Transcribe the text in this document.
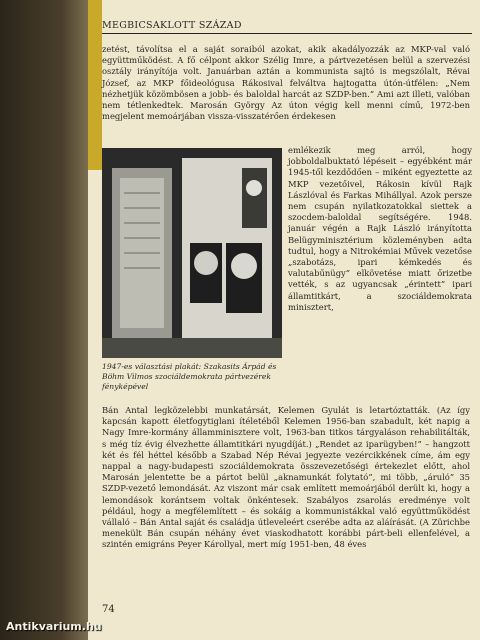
MEGBICSAKLOTT SZÁZAD
zetést, távolítsa el a saját soraiból azokat, akik akadályozzák az MKP-val való együttműködést. A fő célpont akkor Szélig Imre, a pártvezetésen belül a szervezési osztály irányítója volt. Januárban aztán a kommunista sajtó is megszólalt, Révai József, az MKP főideológusa Rákosival felváltva hajtogatta útón-útfélen: „Nem nézhetjük közömbösen a jobb- és baloldal harcát az SZDP-ben.” Ami azt illeti, valóban nem tétlenkedtek. Marosán György Az úton végig kell menni című, 1972-ben megjelent memoárjában vissza-visszatérően érdekesen
1947-es választási plakát: Szakasits Árpád és Böhm Vilmos szociáldemokrata pártvezérek fényképével
emlékezik meg arról, hogy jobboldalbuktató lépéseit – egyébként már 1945-től kezdődően – miként egyeztette az MKP vezetőivel, Rákosin kívül Rajk Lászlóval és Farkas Mihállyal. Azok persze nem csupán nyilatkozatokkal siettek a szocdem-baloldal segítségére. 1948. január végén a Rajk László irányította Belügyminisztérium közleményben adta tudtul, hogy a Nitrokémiai Művek vezetőse „szabotázs, ipari kémkedés és valutabűnügy” elkövetése miatt őrizetbe vették, s az ugyancsak „érintett” ipari államtitkárt, a szociáldemokrata minisztert,
Bán Antal legközelebbi munkatársát, Kelemen Gyulát is letartóztatták. (Az így kapcsán kapott életfogytiglani ítéletéből Kelemen 1956-ban szabadult, két napig a Nagy Imre-kormány államminisztere volt, 1963-ban titkos tárgyaláson rehabilitálták, s még tíz évig élvezhette államtitkári nyugdíját.) „Rendet az iparügyben!” – hangzott két és fél héttel később a Szabad Nép Révai jegyezte vezércikkének címe, ám egy nappal a nagy-budapesti szociáldemokrata összevezetőségi értekezlet előtt, ahol Marosán jelentette be a pártot belül „aknamunkát folytató”, mi több, „áruló” 35 SZDP-vezető lemondását. Az viszont már csak említett memoárjából derült ki, hogy a lemondások korántsem voltak önkéntesek. Szabályos zsarolás eredménye volt például, hogy a megfélemlített – és sokáig a kommunistákkal való együttműködést vállaló – Bán Antal saját és családja útleveleért cserébe adta az aláírását. (A Zürichbe menekült Bán csupán néhány évet viaskodhatott korábbi párt-beli ellenfelével, a szintén emigráns Peyer Károllyal, mert míg 1951-ben, 48 éves
74
Antikvarium.hu
